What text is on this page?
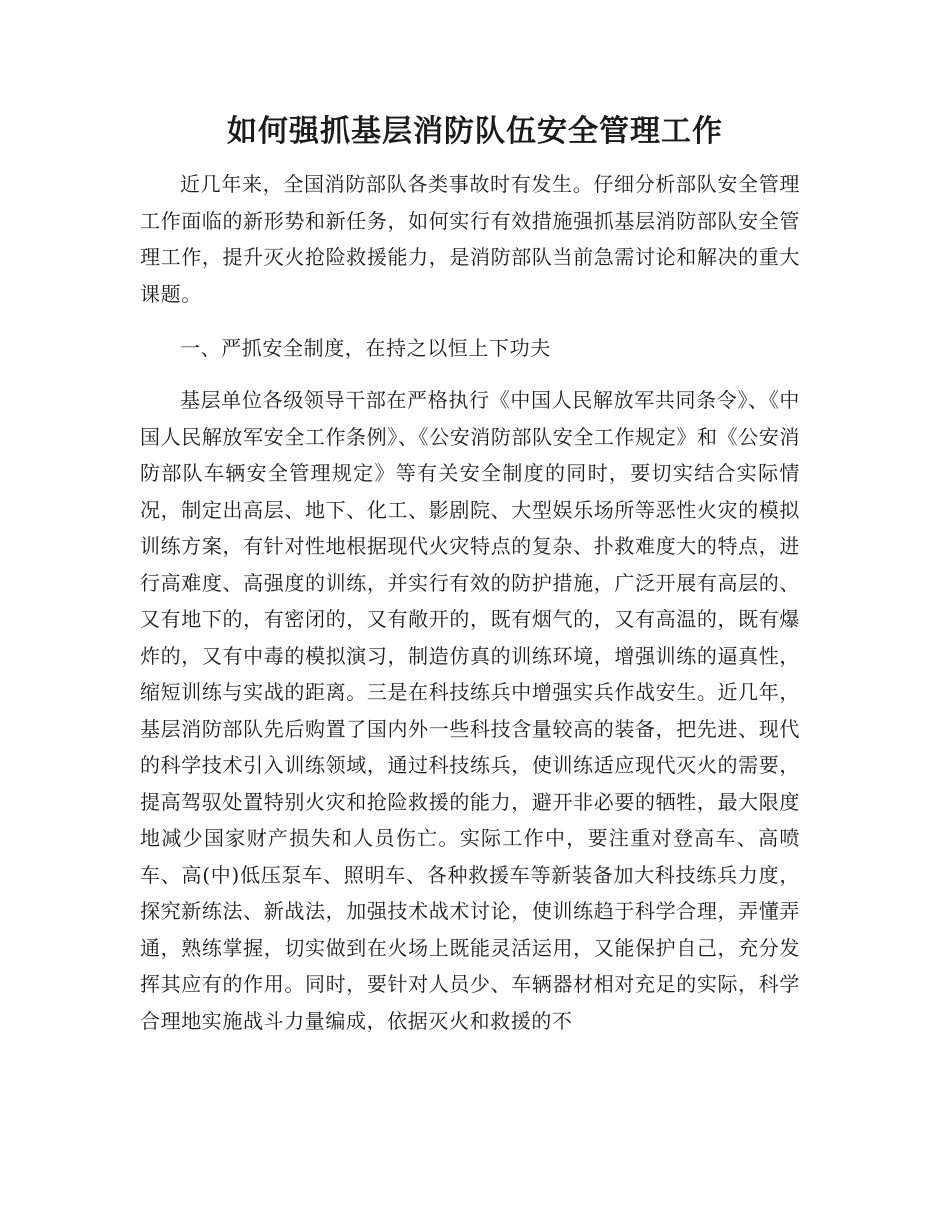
如何强抓基层消防队伍安全管理工作

近几年来，全国消防部队各类事故时有发生。仔细分析部队安全管理工作面临的新形势和新任务，如何实行有效措施强抓基层消防部队安全管理工作，提升灭火抢险救援能力，是消防部队当前急需讨论和解决的重大课题。

一、严抓安全制度，在持之以恒上下功夫

基层单位各级领导干部在严格执行《中国人民解放军共同条令》、《中国人民解放军安全工作条例》、《公安消防部队安全工作规定》和《公安消防部队车辆安全管理规定》等有关安全制度的同时，要切实结合实际情况，制定出高层、地下、化工、影剧院、大型娱乐场所等恶性火灾的模拟训练方案，有针对性地根据现代火灾特点的复杂、扑救难度大的特点，进行高难度、高强度的训练，并实行有效的防护措施，广泛开展有高层的、又有地下的，有密闭的，又有敞开的，既有烟气的，又有高温的，既有爆炸的，又有中毒的模拟演习，制造仿真的训练环境，增强训练的逼真性，缩短训练与实战的距离。三是在科技练兵中增强实兵作战安生。近几年，基层消防部队先后购置了国内外一些科技含量较高的装备，把先进、现代的科学技术引入训练领域，通过科技练兵，使训练适应现代灭火的需要，提高驾驭处置特别火灾和抢险救援的能力，避开非必要的牺牲，最大限度地减少国家财产损失和人员伤亡。实际工作中，要注重对登高车、高喷车、高(中)低压泵车、照明车、各种救援车等新装备加大科技练兵力度，探究新练法、新战法，加强技术战术讨论，使训练趋于科学合理，弄懂弄通，熟练掌握，切实做到在火场上既能灵活运用，又能保护自己，充分发挥其应有的作用。同时，要针对人员少、车辆器材相对充足的实际，科学合理地实施战斗力量编成，依据灭火和救援的不
